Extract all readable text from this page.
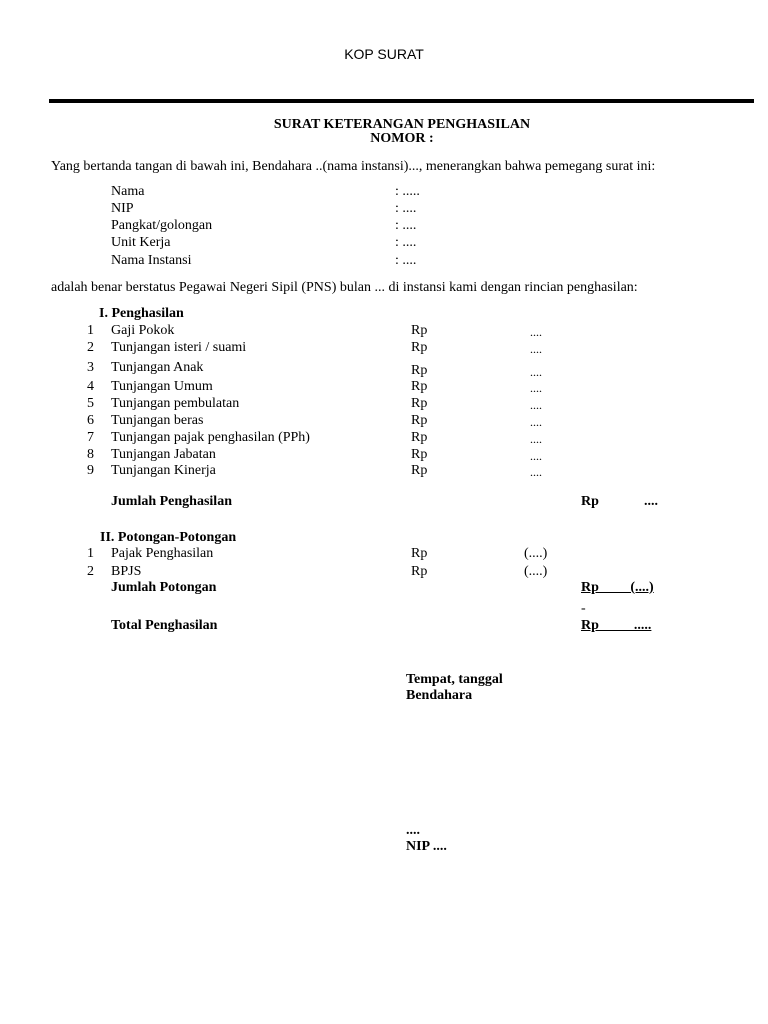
KOP SURAT
SURAT KETERANGAN PENGHASILAN
NOMOR :
Yang bertanda tangan di bawah ini, Bendahara ..(nama instansi)..., menerangkan bahwa pemegang surat ini:
Nama	: .....
NIP	: ....
Pangkat/golongan	: ....
Unit Kerja	: ....
Nama Instansi	: ....
adalah benar berstatus Pegawai Negeri Sipil (PNS) bulan ... di instansi kami dengan rincian penghasilan:
I. Penghasilan
1 Gaji Pokok	Rp	....
2 Tunjangan isteri / suami	Rp	....
3 Tunjangan Anak	Rp	....
4 Tunjangan Umum	Rp	....
5 Tunjangan pembulatan	Rp	....
6 Tunjangan beras	Rp	....
7 Tunjangan pajak penghasilan (PPh)	Rp	....
8 Tunjangan Jabatan	Rp	....
9 Tunjangan Kinerja	Rp	....
Jumlah Penghasilan	Rp	....
II. Potongan-Potongan
1 Pajak Penghasilan	Rp	(....)
2 BPJS	Rp	(....)
Jumlah Potongan	Rp         (....)
-
Total Penghasilan	Rp          .....
Tempat, tanggal
Bendahara
....
NIP ....
